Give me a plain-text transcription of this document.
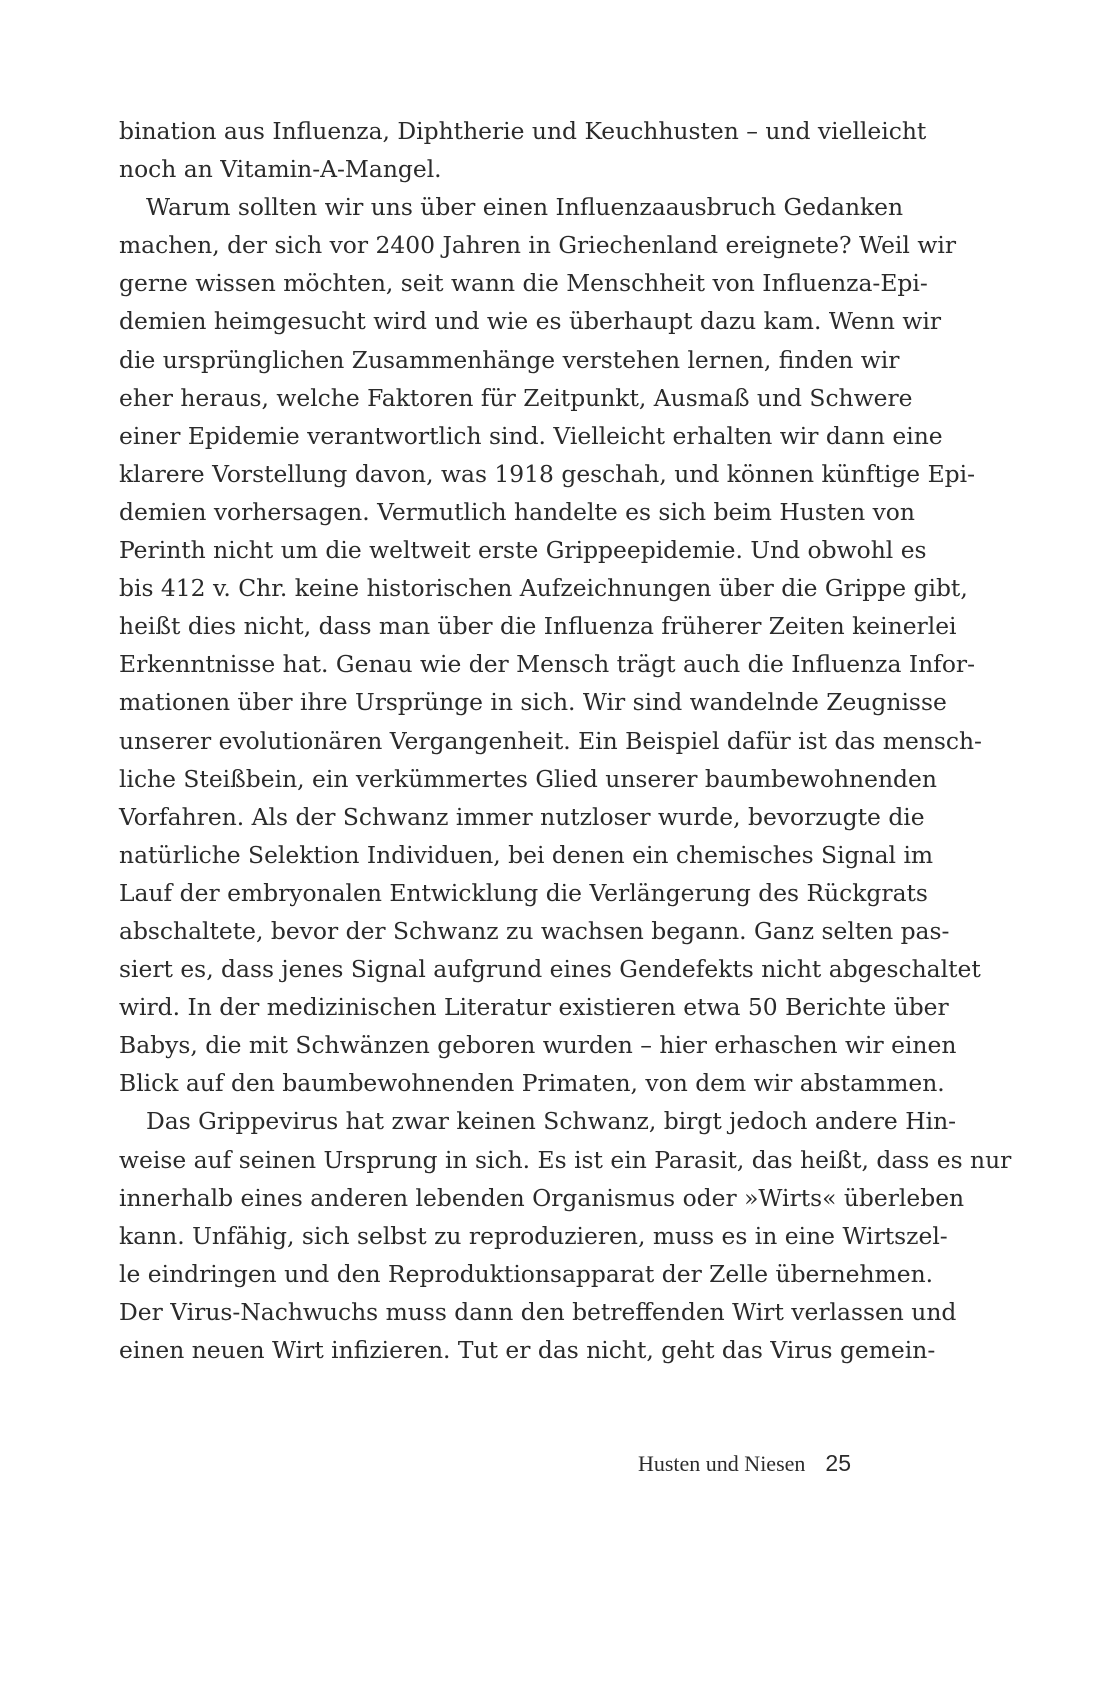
bination aus Influenza, Diphtherie und Keuchhusten – und vielleicht
noch an Vitamin-A-Mangel.
Warum sollten wir uns über einen Influenzaausbruch Gedanken
machen, der sich vor 2400 Jahren in Griechenland ereignete? Weil wir
gerne wissen möchten, seit wann die Menschheit von Influenza-Epi-
demien heimgesucht wird und wie es überhaupt dazu kam. Wenn wir
die ursprünglichen Zusammenhänge verstehen lernen, finden wir
eher heraus, welche Faktoren für Zeitpunkt, Ausmaß und Schwere
einer Epidemie verantwortlich sind. Vielleicht erhalten wir dann eine
klarere Vorstellung davon, was 1918 geschah, und können künftige Epi-
demien vorhersagen. Vermutlich handelte es sich beim Husten von
Perinth nicht um die weltweit erste Grippeepidemie. Und obwohl es
bis 412 v. Chr. keine historischen Aufzeichnungen über die Grippe gibt,
heißt dies nicht, dass man über die Influenza früherer Zeiten keinerlei
Erkenntnisse hat. Genau wie der Mensch trägt auch die Influenza Infor-
mationen über ihre Ursprünge in sich. Wir sind wandelnde Zeugnisse
unserer evolutionären Vergangenheit. Ein Beispiel dafür ist das mensch-
liche Steißbein, ein verkümmertes Glied unserer baumbewohnenden
Vorfahren. Als der Schwanz immer nutzloser wurde, bevorzugte die
natürliche Selektion Individuen, bei denen ein chemisches Signal im
Lauf der embryonalen Entwicklung die Verlängerung des Rückgrats
abschaltete, bevor der Schwanz zu wachsen begann. Ganz selten pas-
siert es, dass jenes Signal aufgrund eines Gendefekts nicht abgeschaltet
wird. In der medizinischen Literatur existieren etwa 50 Berichte über
Babys, die mit Schwänzen geboren wurden – hier erhaschen wir einen
Blick auf den baumbewohnenden Primaten, von dem wir abstammen.
Das Grippevirus hat zwar keinen Schwanz, birgt jedoch andere Hin-
weise auf seinen Ursprung in sich. Es ist ein Parasit, das heißt, dass es nur
innerhalb eines anderen lebenden Organismus oder »Wirts« überleben
kann. Unfähig, sich selbst zu reproduzieren, muss es in eine Wirtszel-
le eindringen und den Reproduktionsapparat der Zelle übernehmen.
Der Virus-Nachwuchs muss dann den betreffenden Wirt verlassen und
einen neuen Wirt infizieren. Tut er das nicht, geht das Virus gemein-
Husten und Niesen 25
